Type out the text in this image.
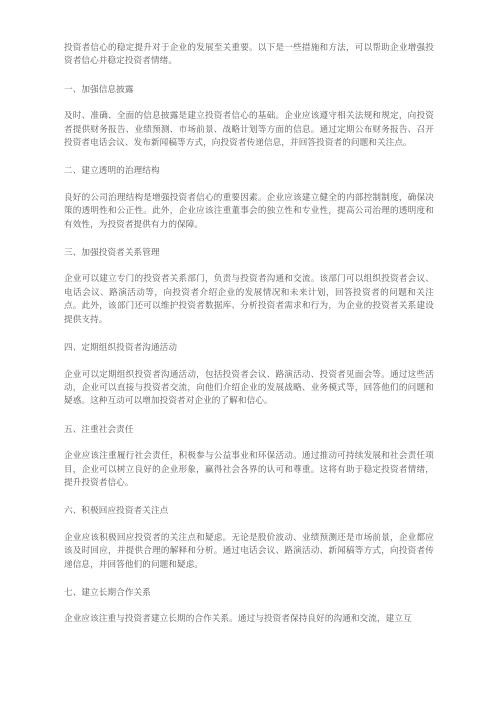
投资者信心的稳定提升对于企业的发展至关重要。以下是一些措施和方法，可以帮助企业增强投资者信心并稳定投资者情绪。

一、加强信息披露

及时、准确、全面的信息披露是建立投资者信心的基础。企业应该遵守相关法规和规定，向投资者提供财务报告、业绩预测、市场前景、战略计划等方面的信息。通过定期公布财务报告、召开投资者电话会议、发布新闻稿等方式，向投资者传递信息，并回答投资者的问题和关注点。

二、建立透明的治理结构

良好的公司治理结构是增强投资者信心的重要因素。企业应该建立健全的内部控制制度，确保决策的透明性和公正性。此外，企业应该注重董事会的独立性和专业性，提高公司治理的透明度和有效性，为投资者提供有力的保障。

三、加强投资者关系管理

企业可以建立专门的投资者关系部门，负责与投资者沟通和交流。该部门可以组织投资者会议、电话会议、路演活动等，向投资者介绍企业的发展情况和未来计划，回答投资者的问题和关注点。此外，该部门还可以维护投资者数据库、分析投资者需求和行为，为企业的投资者关系建设提供支持。

四、定期组织投资者沟通活动

企业可以定期组织投资者沟通活动，包括投资者会议、路演活动、投资者见面会等。通过这些活动，企业可以直接与投资者交流，向他们介绍企业的发展战略、业务模式等，回答他们的问题和疑惑。这种互动可以增加投资者对企业的了解和信心。

五、注重社会责任

企业应该注重履行社会责任，积极参与公益事业和环保活动。通过推动可持续发展和社会责任项目，企业可以树立良好的企业形象，赢得社会各界的认可和尊重。这将有助于稳定投资者情绪，提升投资者信心。

六、积极回应投资者关注点

企业应该积极回应投资者的关注点和疑虑。无论是股价波动、业绩预测还是市场前景，企业都应该及时回应，并提供合理的解释和分析。通过电话会议、路演活动、新闻稿等方式，向投资者传递信息，并回答他们的问题和疑虑。

七、建立长期合作关系

企业应该注重与投资者建立长期的合作关系。通过与投资者保持良好的沟通和交流，建立互
